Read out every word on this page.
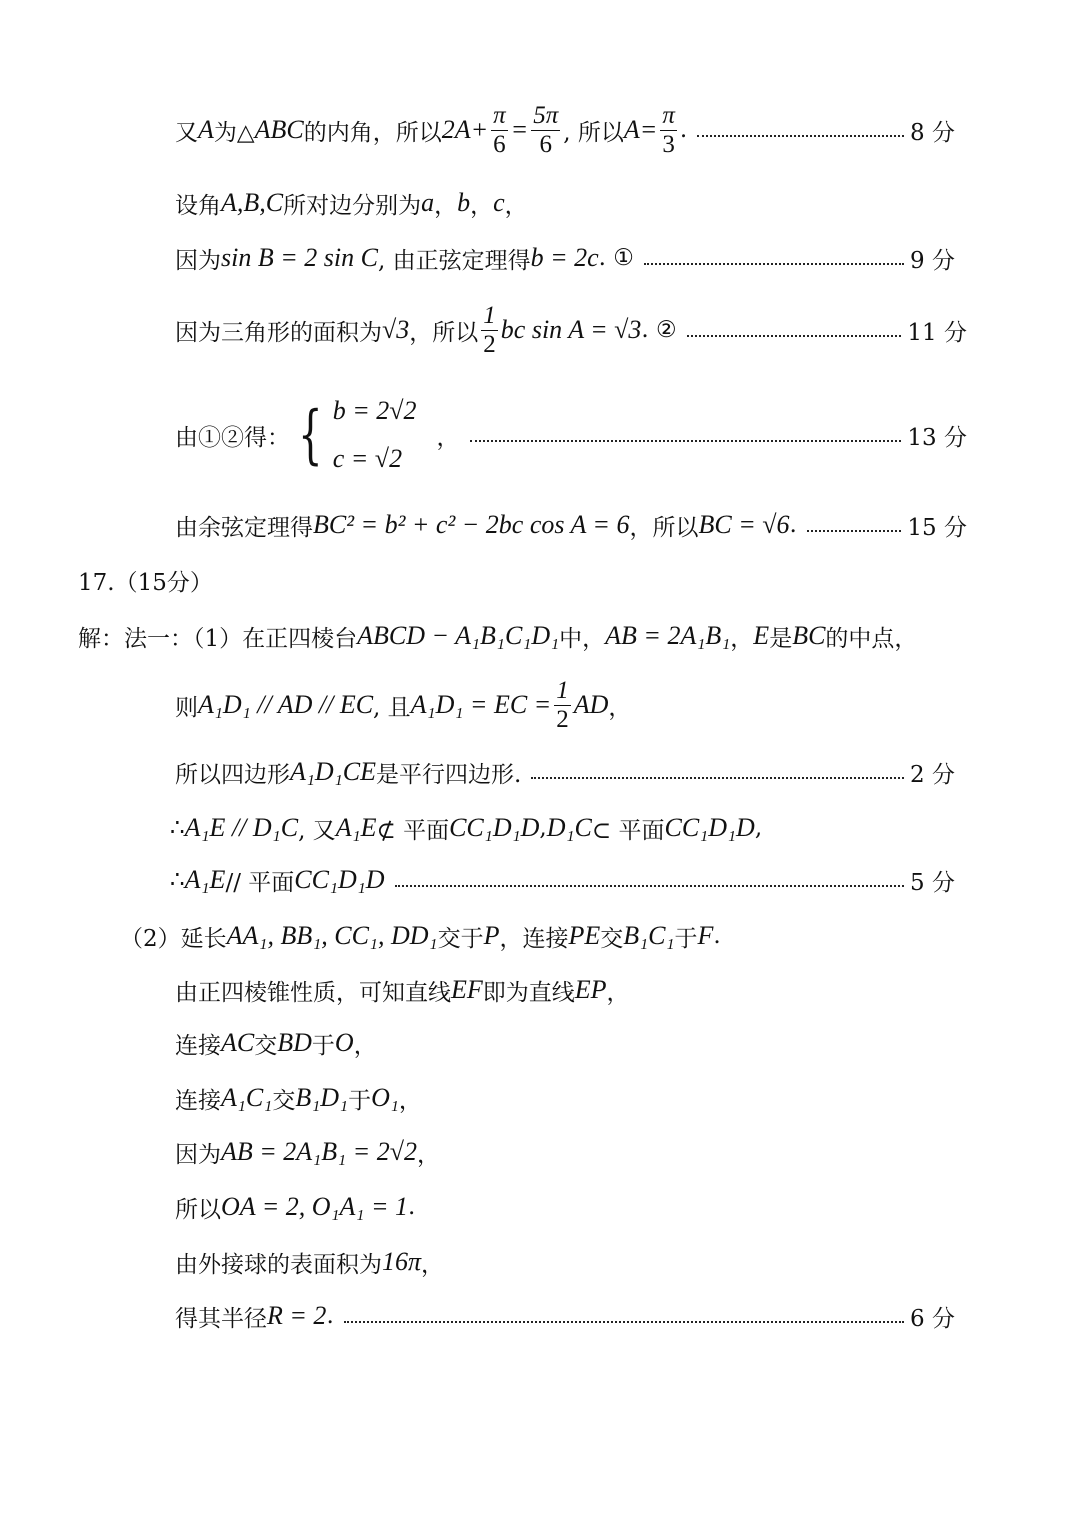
又 A 为△ ABC 的内角，所以 $2A+ \frac{\pi}{6} = \frac{5\pi}{6}$ , 所以 $A= \frac{\pi}{3}$ .	8 分
设角 A,B,C 所对边分别为 a ， b ， c ，
因为 sin B = 2 sin C , 由正弦定理得 b = 2c . ①	9 分
因为三角形的面积为 √3 ，所以 $\frac{1}{2}$ bc sin A = √3 . ②	11 分
由①②得： { b = 2√2
c = √2
，	13 分
由余弦定理得 BC² = b² + c² − 2bc cos A = 6 ，所以 BC = √6 .	15 分
17.（15分）
解：法一：（1）在正四棱台 ABCD − A₁B₁C₁D₁ 中， AB = 2A₁B₁ ， E 是 BC 的中点，
则 A₁D₁ // AD // EC , 且 A₁D₁ = EC = $\frac{1}{2}$ AD ，
所以四边形 A₁D₁CE 是平行四边形.	2 分
∴ A₁E // D₁C , 又 A₁E ⊄ 平面 CC₁D₁D , D₁C ⊂ 平面 CC₁D₁D ,
∴ A₁E // 平面 CC₁D₁D	5 分
（2）延长 AA₁, BB₁, CC₁, DD₁ 交于 P ，连接 PE 交 B₁C₁ 于 F .
由正四棱锥性质，可知直线 EF 即为直线 EP ，
连接 AC 交 BD 于 O ，
连接 A₁C₁ 交 B₁D₁ 于 O₁ ，
因为 AB = 2A₁B₁ = 2√2 ，
所以 OA = 2, O₁A₁ = 1 .
由外接球的表面积为 16π ，
得其半径 R = 2 .	6 分
